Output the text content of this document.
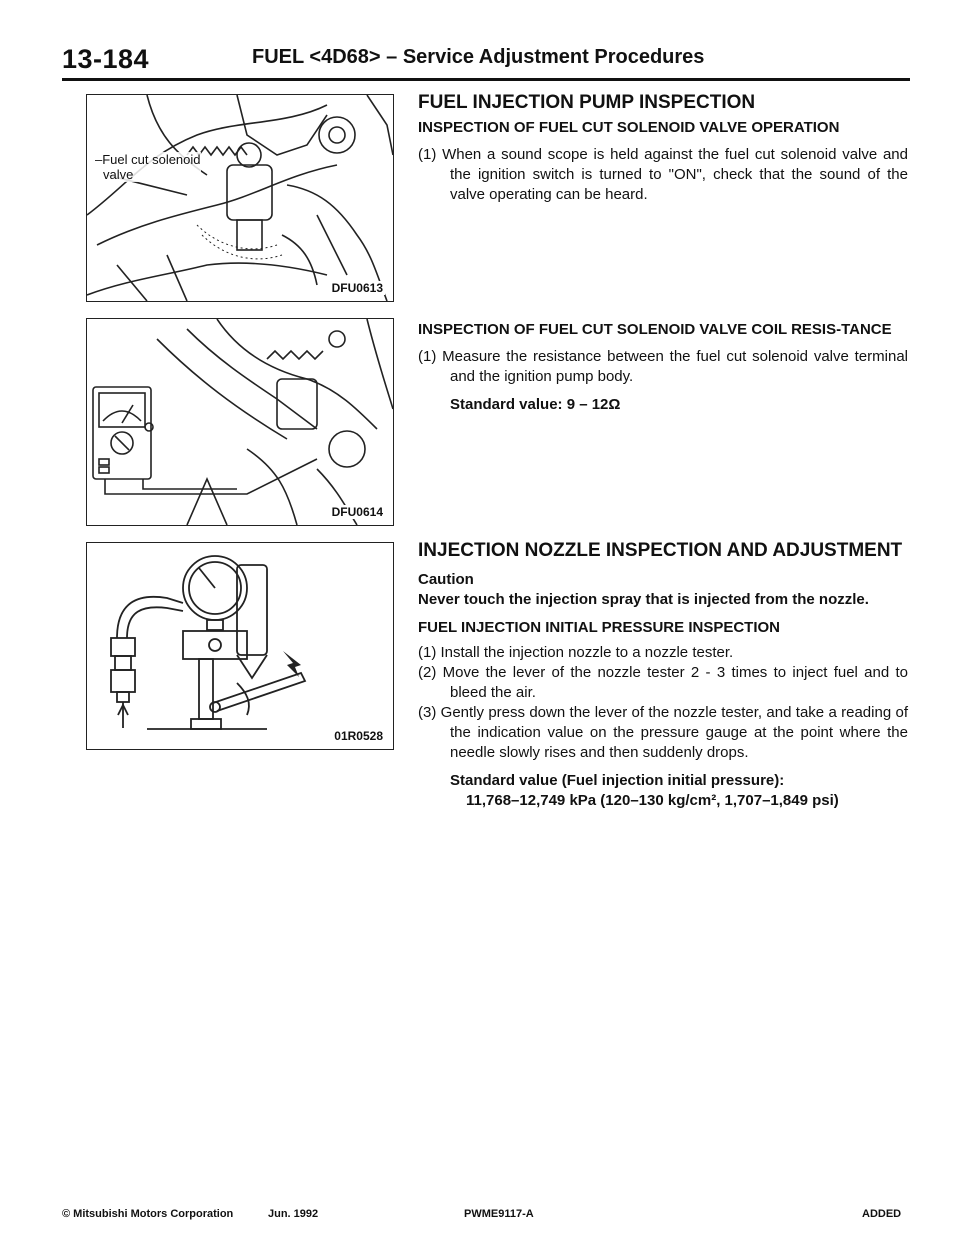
13-184	FUEL <4D68> – Service Adjustment Procedures
–Fuel cut solenoid
valve
DFU0613
DFU0614
01R0528
FUEL INJECTION PUMP INSPECTION
INSPECTION OF FUEL CUT SOLENOID VALVE OPERATION

(1) When a sound scope is held against the fuel cut solenoid valve and the ignition switch is turned to "ON", check that the sound of the valve operating can be heard.

INSPECTION OF FUEL CUT SOLENOID VALVE COIL RESIS-TANCE

(1) Measure the resistance between the fuel cut solenoid valve terminal and the ignition pump body.

Standard value: 9 – 12Ω
INJECTION NOZZLE INSPECTION AND ADJUSTMENT
Caution
Never touch the injection spray that is injected from the nozzle.
FUEL INJECTION INITIAL PRESSURE INSPECTION

(1) Install the injection nozzle to a nozzle tester.

(2) Move the lever of the nozzle tester 2 - 3 times to inject fuel and to bleed the air.

(3) Gently press down the lever of the nozzle tester, and take a reading of the indication value on the pressure gauge at the point where the needle slowly rises and then suddenly drops.

Standard value (Fuel injection initial pressure):
11,768–12,749 kPa (120–130 kg/cm², 1,707–1,849 psi)
© Mitsubishi Motors Corporation	Jun. 1992	PWME9117-A	ADDED
